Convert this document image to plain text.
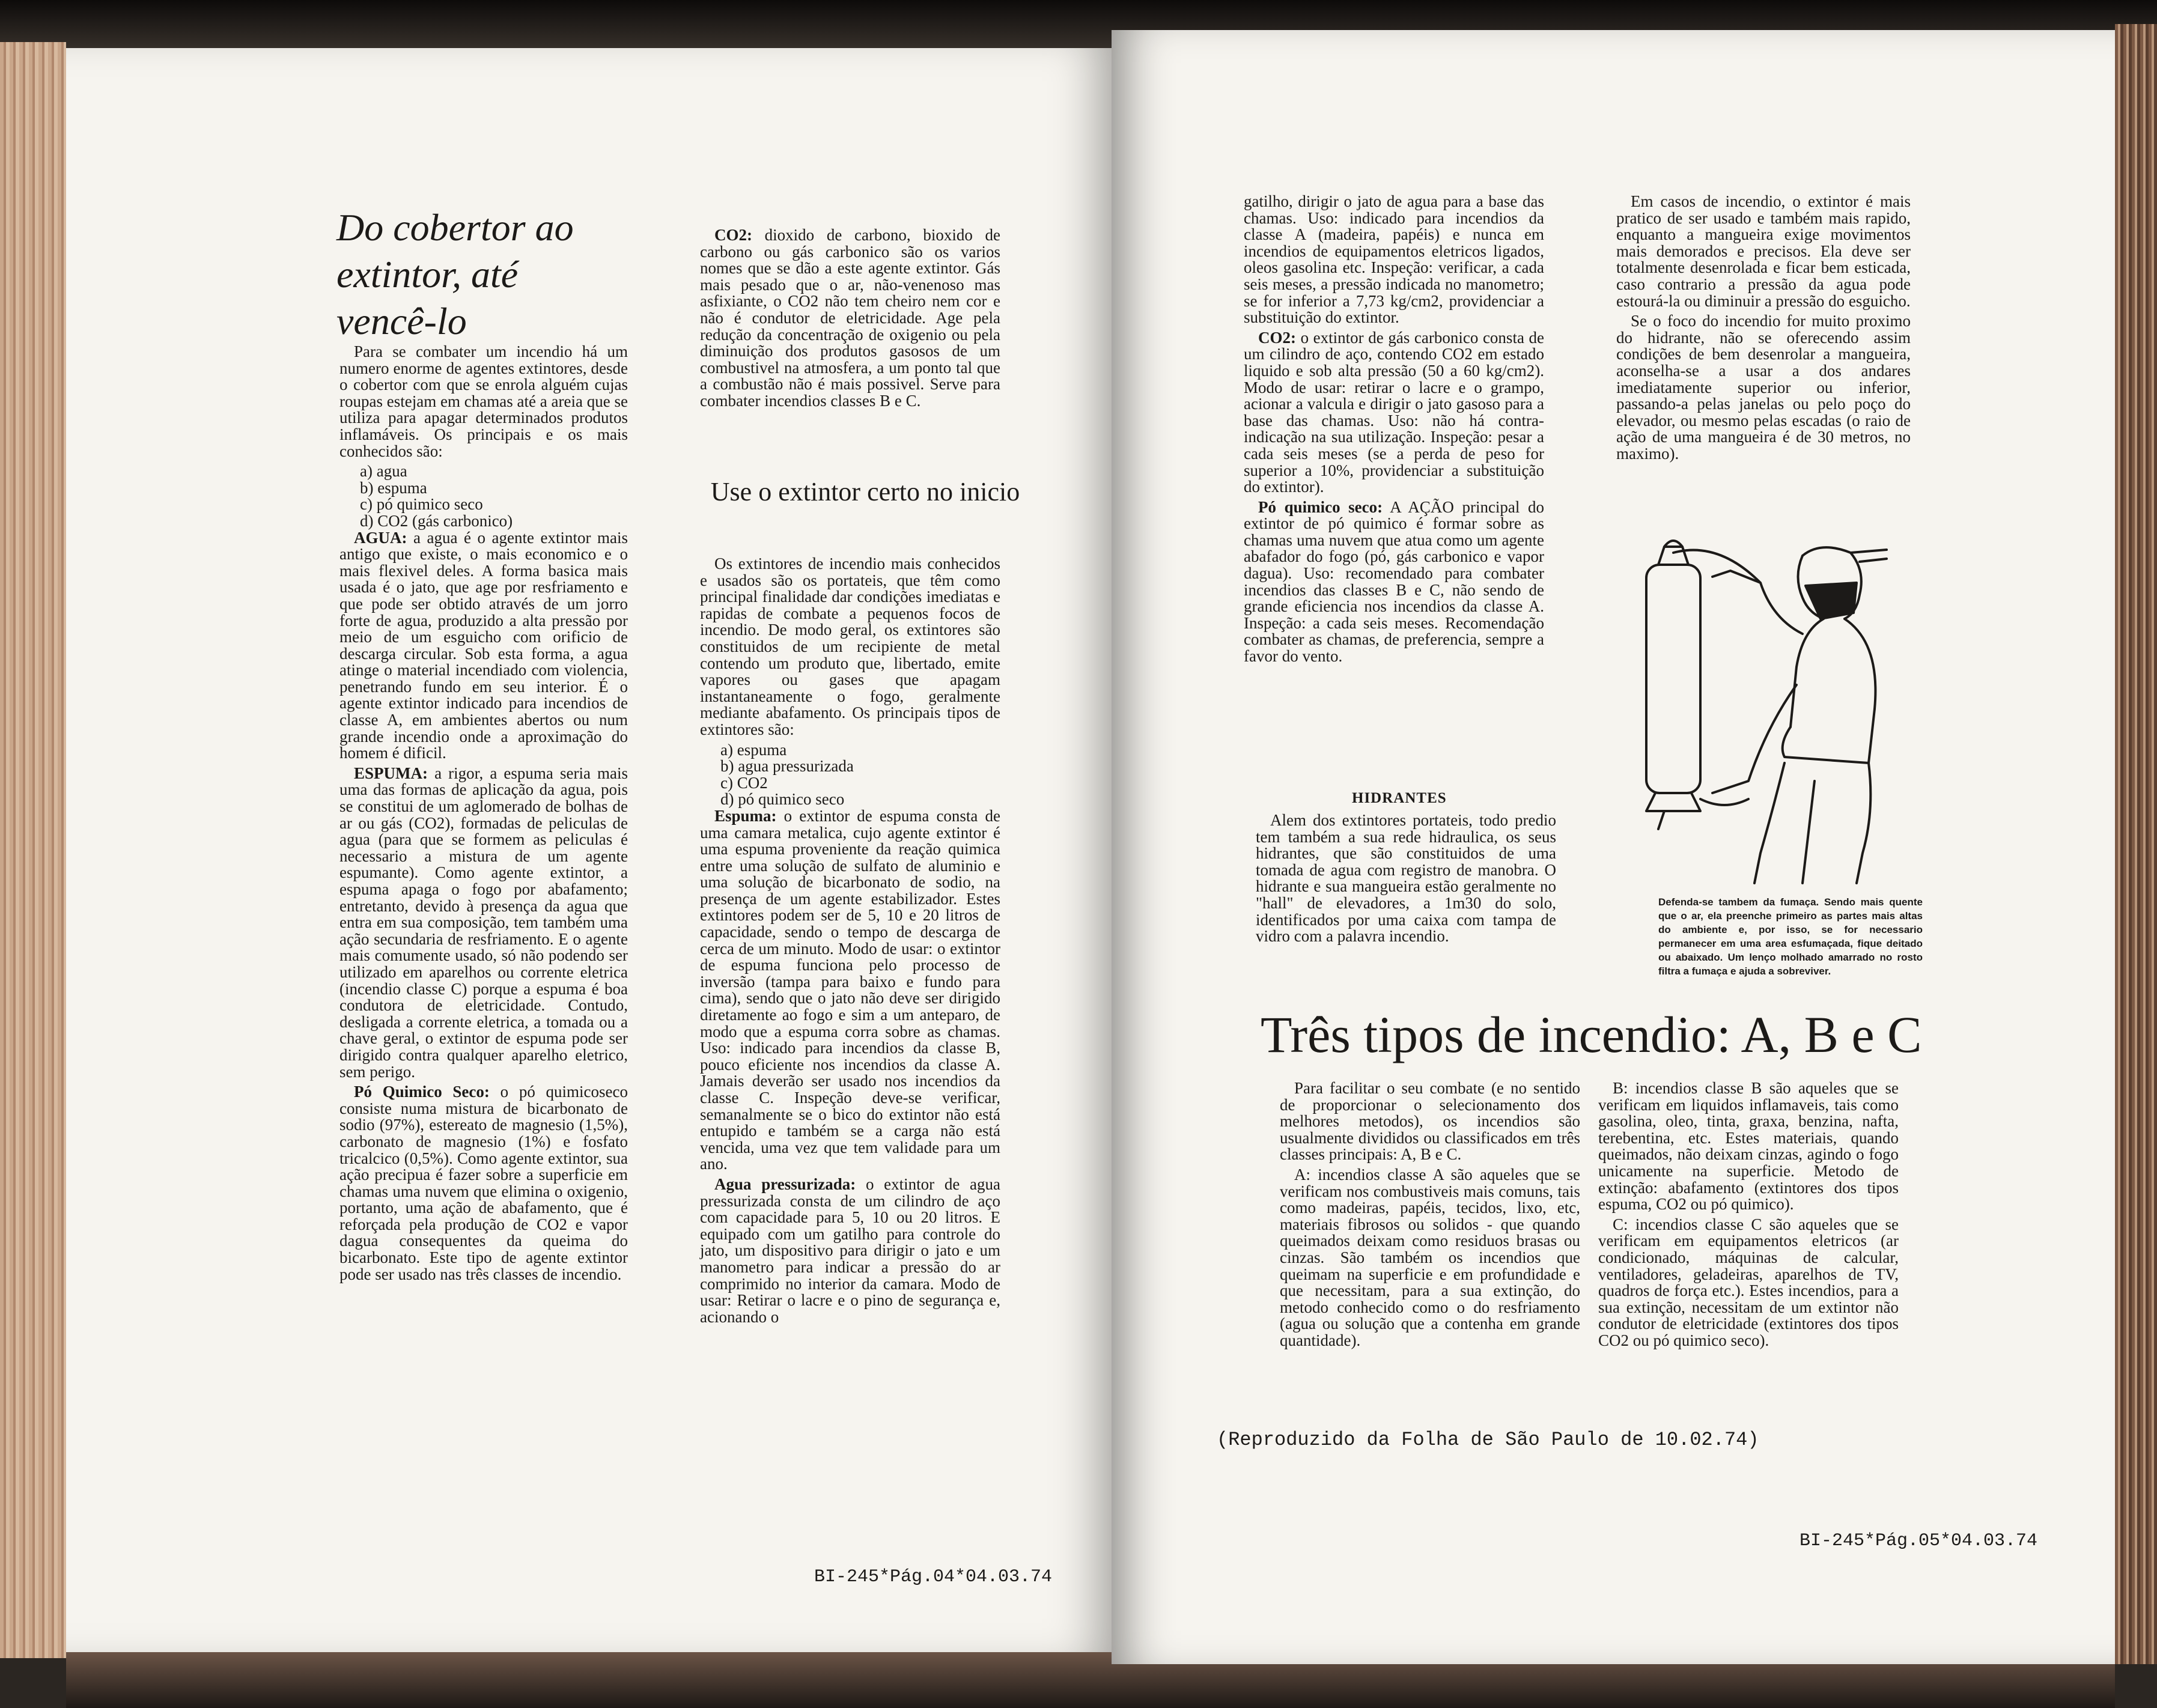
Do cobertor ao extintor, até vencê-lo

Para se combater um incendio há um numero enorme de agentes extintores, desde o cobertor com que se enrola alguém cujas roupas estejam em chamas até a areia que se utiliza para apagar determinados produtos inflamáveis. Os principais e os mais conhecidos são:

a) agua

b) espuma

c) pó quimico seco

d) CO2 (gás carbonico)

AGUA: a agua é o agente extintor mais antigo que existe, o mais economico e o mais flexivel deles. A forma basica mais usada é o jato, que age por resfriamento e que pode ser obtido através de um jorro forte de agua, produzido a alta pressão por meio de um esguicho com orificio de descarga circular. Sob esta forma, a agua atinge o material incendiado com violencia, penetrando fundo em seu interior. É o agente extintor indicado para incendios de classe A, em ambientes abertos ou num grande incendio onde a aproximação do homem é dificil.

ESPUMA: a rigor, a espuma seria mais uma das formas de aplicação da agua, pois se constitui de um aglomerado de bolhas de ar ou gás (CO2), formadas de peliculas de agua (para que se formem as peliculas é necessario a mistura de um agente espumante). Como agente extintor, a espuma apaga o fogo por abafamento; entretanto, devido à presença da agua que entra em sua composição, tem também uma ação secundaria de resfriamento. E o agente mais comumente usado, só não podendo ser utilizado em aparelhos ou corrente eletrica (incendio classe C) porque a espuma é boa condutora de eletricidade. Contudo, desligada a corrente eletrica, a tomada ou a chave geral, o extintor de espuma pode ser dirigido contra qualquer aparelho eletrico, sem perigo.

Pó Quimico Seco: o pó quimicoseco consiste numa mistura de bicarbonato de sodio (97%), estereato de magnesio (1,5%), carbonato de magnesio (1%) e fosfato tricalcico (0,5%). Como agente extintor, sua ação precipua é fazer sobre a superficie em chamas uma nuvem que elimina o oxigenio, portanto, uma ação de abafamento, que é reforçada pela produção de CO2 e vapor dagua consequentes da queima do bicarbonato. Este tipo de agente extintor pode ser usado nas três classes de incendio.

CO2: dioxido de carbono, bioxido de carbono ou gás carbonico são os varios nomes que se dão a este agente extintor. Gás mais pesado que o ar, não-venenoso mas asfixiante, o CO2 não tem cheiro nem cor e não é condutor de eletricidade. Age pela redução da concentração de oxigenio ou pela diminuição dos produtos gasosos de um combustivel na atmosfera, a um ponto tal que a combustão não é mais possivel. Serve para combater incendios classes B e C.

Use o extintor certo no inicio

Os extintores de incendio mais conhecidos e usados são os portateis, que têm como principal finalidade dar condições imediatas e rapidas de combate a pequenos focos de incendio. De modo geral, os extintores são constituidos de um recipiente de metal contendo um produto que, libertado, emite vapores ou gases que apagam instantaneamente o fogo, geralmente mediante abafamento. Os principais tipos de extintores são:

a) espuma

b) agua pressurizada

c) CO2

d) pó quimico seco

Espuma: o extintor de espuma consta de uma camara metalica, cujo agente extintor é uma espuma proveniente da reação quimica entre uma solução de sulfato de aluminio e uma solução de bicarbonato de sodio, na presença de um agente estabilizador. Estes extintores podem ser de 5, 10 e 20 litros de capacidade, sendo o tempo de descarga de cerca de um minuto. Modo de usar: o extintor de espuma funciona pelo processo de inversão (tampa para baixo e fundo para cima), sendo que o jato não deve ser dirigido diretamente ao fogo e sim a um anteparo, de modo que a espuma corra sobre as chamas. Uso: indicado para incendios da classe B, pouco eficiente nos incendios da classe A. Jamais deverão ser usado nos incendios da classe C. Inspeção deve-se verificar, semanalmente se o bico do extintor não está entupido e também se a carga não está vencida, uma vez que tem validade para um ano.

Agua pressurizada: o extintor de agua pressurizada consta de um cilindro de aço com capacidade para 5, 10 ou 20 litros. E equipado com um gatilho para controle do jato, um dispositivo para dirigir o jato e um manometro para indicar a pressão do ar comprimido no interior da camara. Modo de usar: Retirar o lacre e o pino de segurança e, acionando o

BI-245*Pág.04*04.03.74

gatilho, dirigir o jato de agua para a base das chamas. Uso: indicado para incendios da classe A (madeira, papéis) e nunca em incendios de equipamentos eletricos ligados, oleos gasolina etc. Inspeção: verificar, a cada seis meses, a pressão indicada no manometro; se for inferior a 7,73 kg/cm2, providenciar a substituição do extintor.

CO2: o extintor de gás carbonico consta de um cilindro de aço, contendo CO2 em estado liquido e sob alta pressão (50 a 60 kg/cm2). Modo de usar: retirar o lacre e o grampo, acionar a valcula e dirigir o jato gasoso para a base das chamas. Uso: não há contra-indicação na sua utilização. Inspeção: pesar a cada seis meses (se a perda de peso for superior a 10%, providenciar a substituição do extintor).

Pó quimico seco: A AÇÃO principal do extintor de pó quimico é formar sobre as chamas uma nuvem que atua como um agente abafador do fogo (pó, gás carbonico e vapor dagua). Uso: recomendado para combater incendios das classes B e C, não sendo de grande eficiencia nos incendios da classe A. Inspeção: a cada seis meses. Recomendação combater as chamas, de preferencia, sempre a favor do vento.

HIDRANTES

Alem dos extintores portateis, todo predio tem também a sua rede hidraulica, os seus hidrantes, que são constituidos de uma tomada de agua com registro de manobra. O hidrante e sua mangueira estão geralmente no "hall" de elevadores, a 1m30 do solo, identificados por uma caixa com tampa de vidro com a palavra incendio.

Em casos de incendio, o extintor é mais pratico de ser usado e também mais rapido, enquanto a mangueira exige movimentos mais demorados e precisos. Ela deve ser totalmente desenrolada e ficar bem esticada, caso contrario a pressão da agua pode estourá-la ou diminuir a pressão do esguicho.

Se o foco do incendio for muito proximo do hidrante, não se oferecendo assim condições de bem desenrolar a mangueira, aconselha-se a usar a dos andares imediatamente superior ou inferior, passando-a pelas janelas ou pelo poço do elevador, ou mesmo pelas escadas (o raio de ação de uma mangueira é de 30 metros, no maximo).

Defenda-se tambem da fumaça. Sendo mais quente que o ar, ela preenche primeiro as partes mais altas do ambiente e, por isso, se for necessario permanecer em uma area esfumaçada, fique deitado ou abaixado. Um lenço molhado amarrado no rosto filtra a fumaça e ajuda a sobreviver.
Três tipos de incendio: A, B e C

Para facilitar o seu combate (e no sentido de proporcionar o selecionamento dos melhores metodos), os incendios são usualmente divididos ou classificados em três classes principais: A, B e C.

A: incendios classe A são aqueles que se verificam nos combustiveis mais comuns, tais como madeiras, papéis, tecidos, lixo, etc, materiais fibrosos ou solidos - que quando queimados deixam como residuos brasas ou cinzas. São também os incendios que queimam na superficie e em profundidade e que necessitam, para a sua extinção, do metodo conhecido como o do resfriamento (agua ou solução que a contenha em grande quantidade).

B: incendios classe B são aqueles que se verificam em liquidos inflamaveis, tais como gasolina, oleo, tinta, graxa, benzina, nafta, terebentina, etc. Estes materiais, quando queimados, não deixam cinzas, agindo o fogo unicamente na superficie. Metodo de extinção: abafamento (extintores dos tipos espuma, CO2 ou pó quimico).

C: incendios classe C são aqueles que se verificam em equipamentos eletricos (ar condicionado, máquinas de calcular, ventiladores, geladeiras, aparelhos de TV, quadros de força etc.). Estes incendios, para a sua extinção, necessitam de um extintor não condutor de eletricidade (extintores dos tipos CO2 ou pó quimico seco).

(Reproduzido da Folha de São Paulo de 10.02.74)
BI-245*Pág.05*04.03.74
